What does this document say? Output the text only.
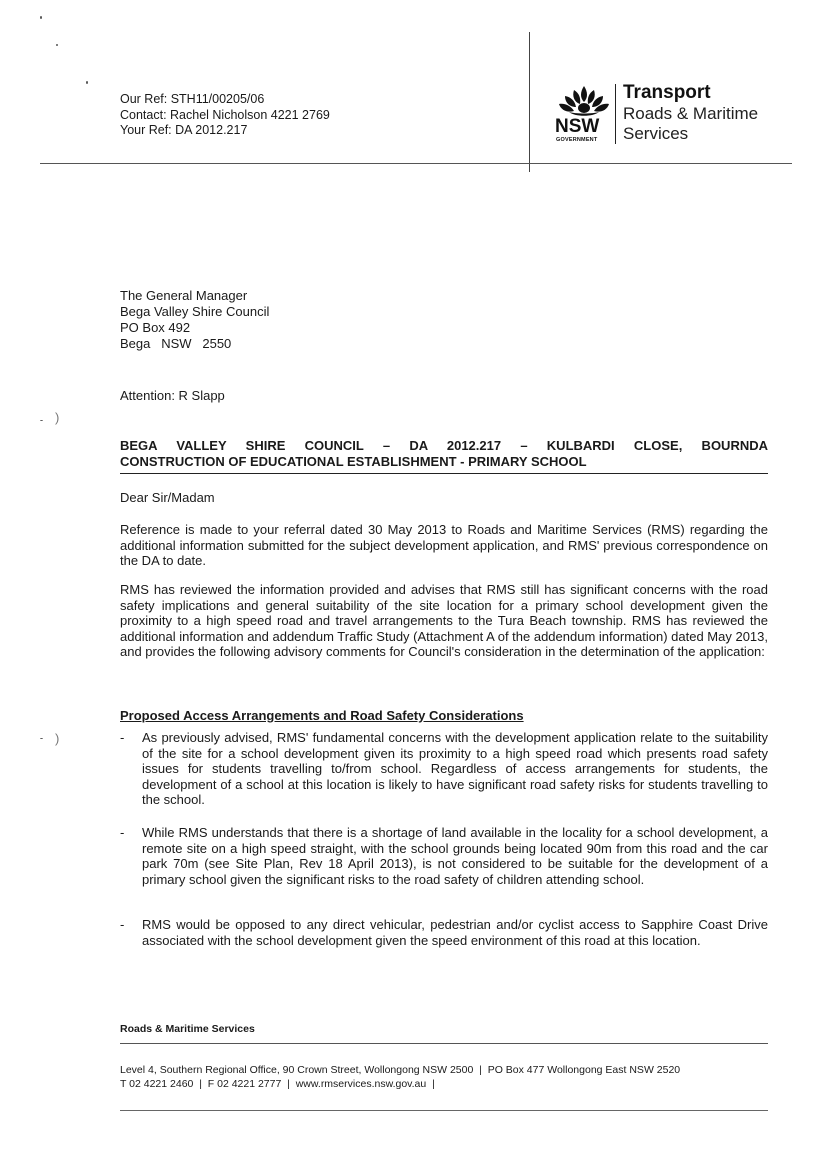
Our Ref: STH11/00205/06
Contact: Rachel Nicholson 4221 2769
Your Ref: DA 2012.217	NSW
GOVERNMENT
Transport
Roads & Maritime
Services
The General Manager
Bega Valley Shire Council
PO Box 492
Bega   NSW   2550
Attention: R Slapp
)
)
BEGA VALLEY SHIRE COUNCIL – DA 2012.217 – KULBARDI CLOSE, BOURNDA
CONSTRUCTION OF EDUCATIONAL ESTABLISHMENT - PRIMARY SCHOOL
Dear Sir/Madam
Reference is made to your referral dated 30 May 2013 to Roads and Maritime Services (RMS) regarding the additional information submitted for the subject development application, and RMS' previous correspondence on the DA to date.
RMS has reviewed the information provided and advises that RMS still has significant concerns with the road safety implications and general suitability of the site location for a primary school development given the proximity to a high speed road and travel arrangements to the Tura Beach township. RMS has reviewed the additional information and addendum Traffic Study (Attachment A of the addendum information) dated May 2013, and provides the following advisory comments for Council's consideration in the determination of the application:
Proposed Access Arrangements and Road Safety Considerations
- As previously advised, RMS' fundamental concerns with the development application relate to the suitability of the site for a school development given its proximity to a high speed road which presents road safety issues for students travelling to/from school. Regardless of access arrangements for students, the development of a school at this location is likely to have significant road safety risks for students travelling to the school.
- While RMS understands that there is a shortage of land available in the locality for a school development, a remote site on a high speed straight, with the school grounds being located 90m from this road and the car park 70m (see Site Plan, Rev 18 April 2013), is not considered to be suitable for the development of a primary school given the significant risks to the road safety of children attending school.
- RMS would be opposed to any direct vehicular, pedestrian and/or cyclist access to Sapphire Coast Drive associated with the school development given the speed environment of this road at this location.
Roads & Maritime Services
Level 4, Southern Regional Office, 90 Crown Street, Wollongong NSW 2500  |  PO Box 477 Wollongong East NSW 2520
T 02 4221 2460  |  F 02 4221 2777  |  www.rmservices.nsw.gov.au  |
